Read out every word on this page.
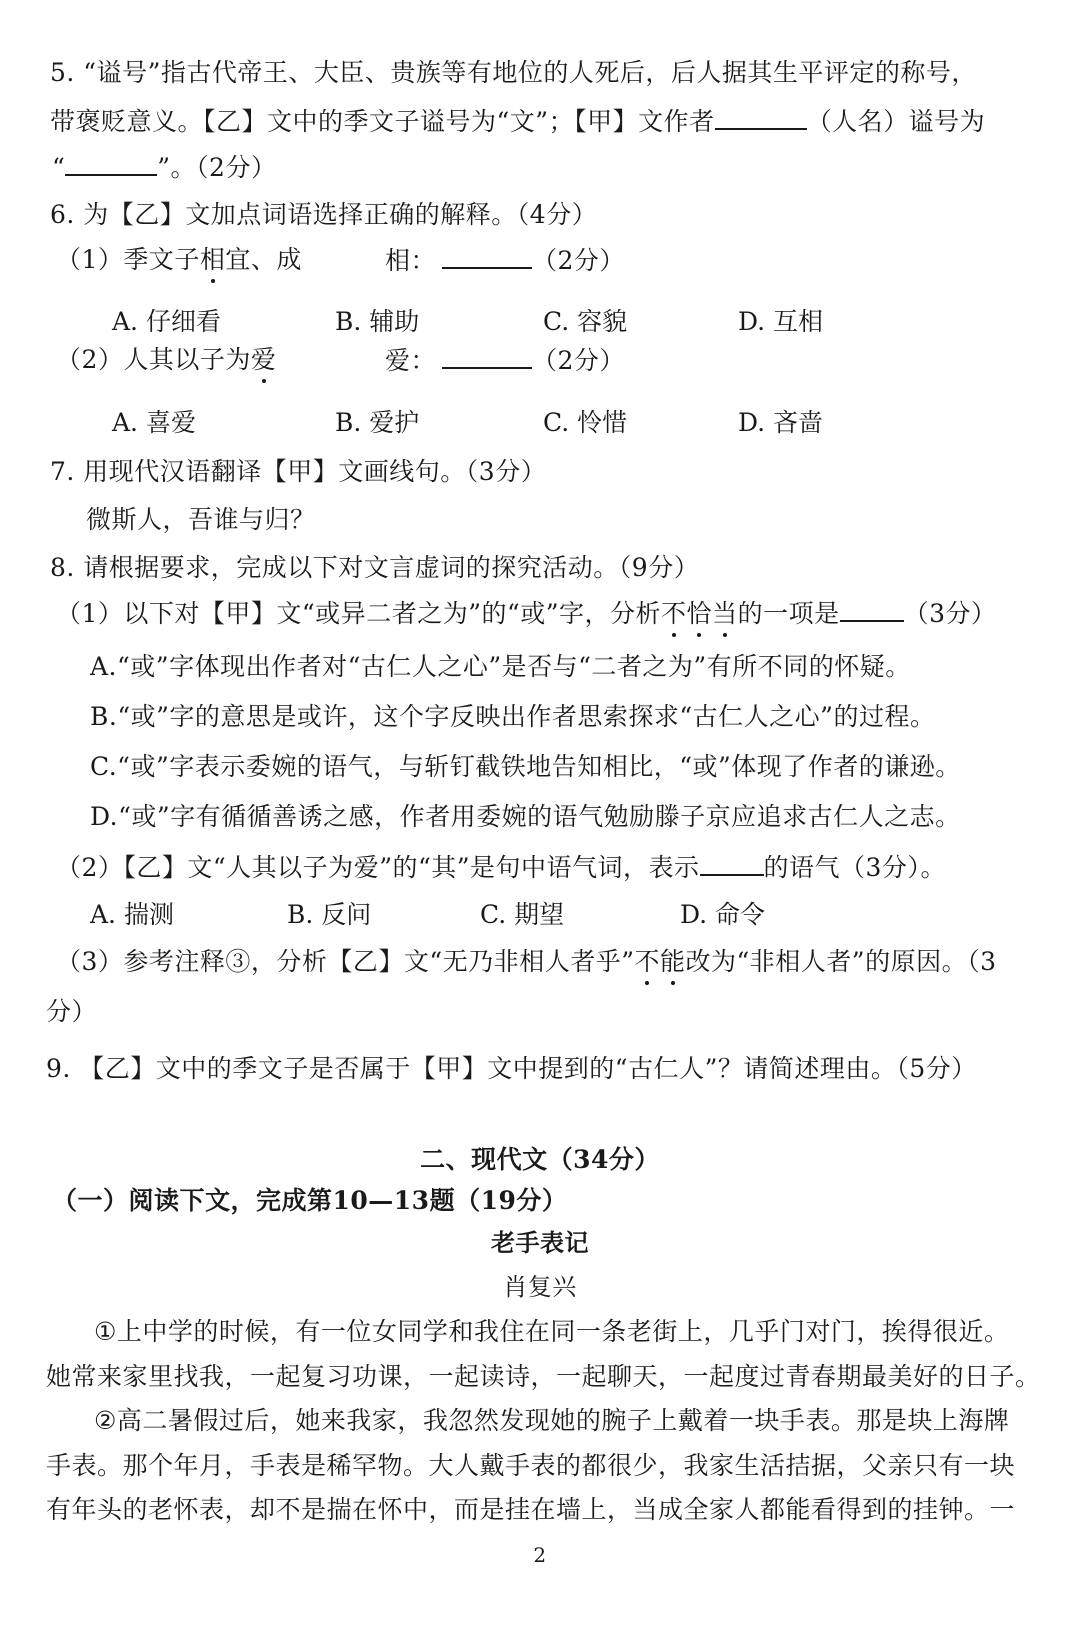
5. “谥号”指古代帝王、大臣、贵族等有地位的人死后，后人据其生平评定的称号，
带褒贬意义。【乙】文中的季文子谥号为“文”；【甲】文作者	（人名）谥号为
“	”。（2分）
6. 为【乙】文加点词语选择正确的解释。（4分）
（1）季文子相宜、成	相：	（2分）
A. 仔细看	B. 辅助	C. 容貌	D. 互相
（2）人其以子为爱	爱：	（2分）
A. 喜爱	B. 爱护	C. 怜惜	D. 吝啬
7. 用现代汉语翻译【甲】文画线句。（3分）
微斯人，吾谁与归？
8. 请根据要求，完成以下对文言虚词的探究活动。（9分）
（1）以下对【甲】文“或异二者之为”的“或”字，分析不恰当的一项是	（3分）
A.“或”字体现出作者对“古仁人之心”是否与“二者之为”有所不同的怀疑。
B.“或”字的意思是或许，这个字反映出作者思索探求“古仁人之心”的过程。
C.“或”字表示委婉的语气，与斩钉截铁地告知相比，“或”体现了作者的谦逊。
D.“或”字有循循善诱之感，作者用委婉的语气勉励滕子京应追求古仁人之志。
（2）【乙】文“人其以子为爱”的“其”是句中语气词，表示	的语气（3分）。
A. 揣测	B. 反问	C. 期望	D. 命令
（3）参考注释③，分析【乙】文“无乃非相人者乎”不能改为“非相人者”的原因。（3
分）
9. 【乙】文中的季文子是否属于【甲】文中提到的“古仁人”？请简述理由。（5分）
二、现代文（34分）
（一）阅读下文，完成第10—13题（19分）
老手表记
肖复兴
①上中学的时候，有一位女同学和我住在同一条老街上，几乎门对门，挨得很近。
她常来家里找我，一起复习功课，一起读诗，一起聊天，一起度过青春期最美好的日子。
②高二暑假过后，她来我家，我忽然发现她的腕子上戴着一块手表。那是块上海牌
手表。那个年月，手表是稀罕物。大人戴手表的都很少，我家生活拮据，父亲只有一块
有年头的老怀表，却不是揣在怀中，而是挂在墙上，当成全家人都能看得到的挂钟。一
2
